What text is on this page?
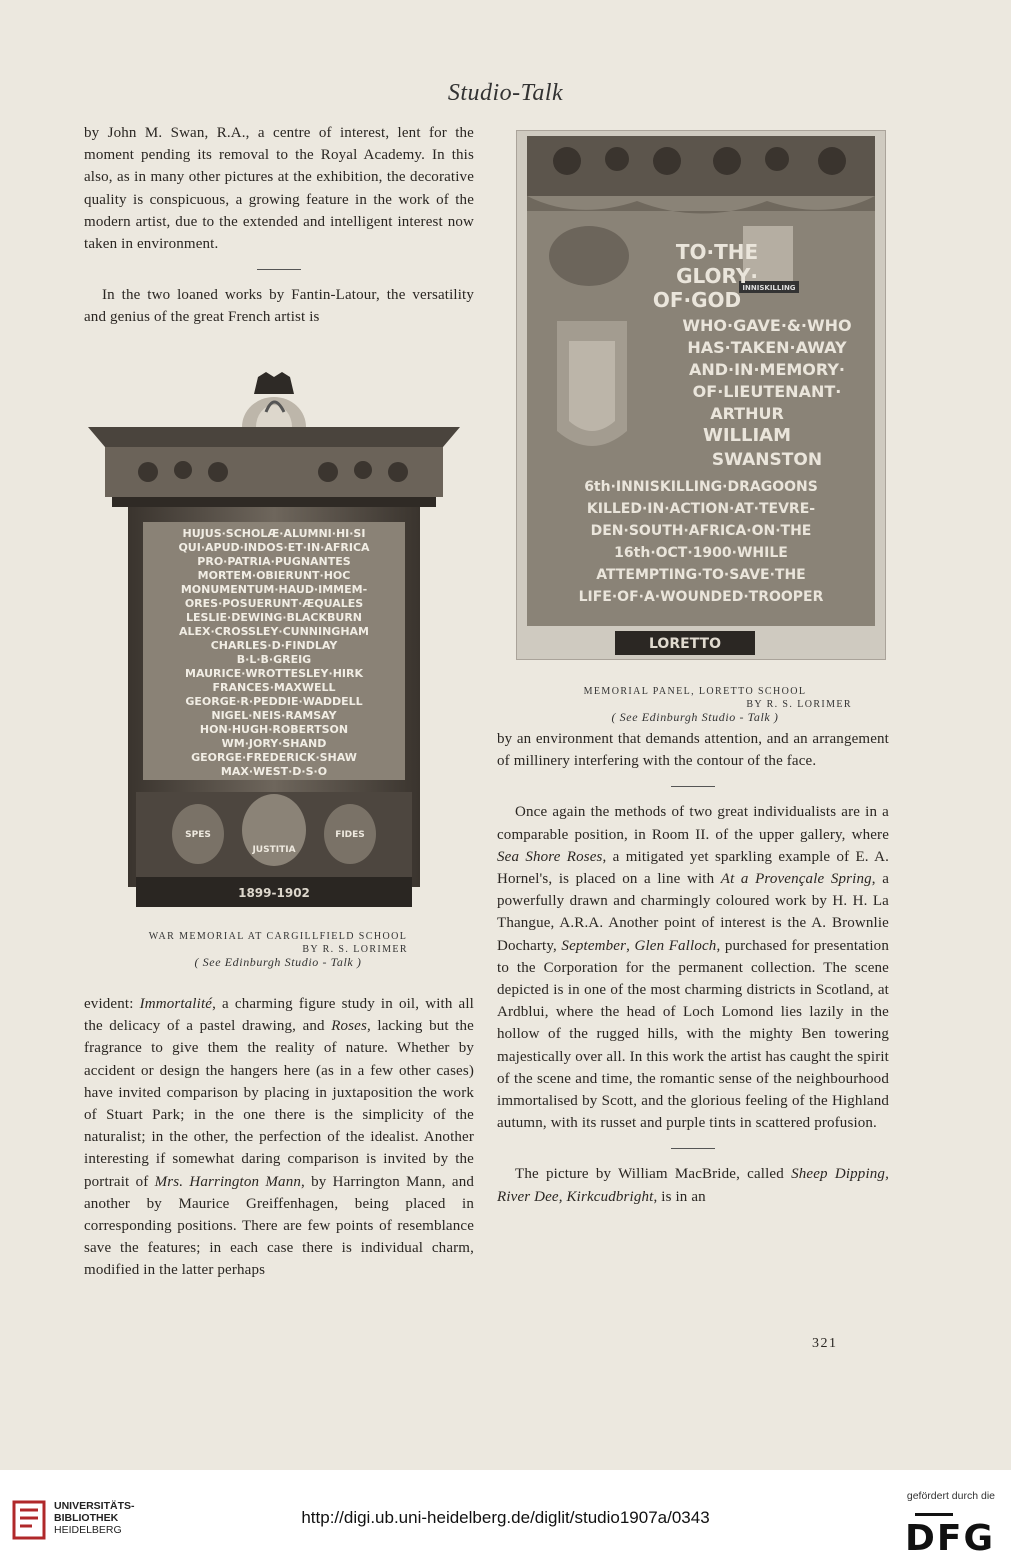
Studio-Talk

by John M. Swan, R.A., a centre of interest, lent for the moment pending its removal to the Royal Academy. In this also, as in many other pictures at the exhibition, the decorative quality is conspicuous, a growing feature in the work of the modern artist, due to the extended and intelligent interest now taken in environment.

In the two loaned works by Fantin-Latour, the versatility and genius of the great French artist is

HUJUS·SCHOLÆ·ALUMNI·HI·SI
QUI·APUD·INDOS·ET·IN·AFRICA
PRO·PATRIA·PUGNANTES
MORTEM·OBIERUNT·HOC
MONUMENTUM·HAUD·IMMEM-
ORES·POSUERUNT·ÆQUALES
LESLIE·DEWING·BLACKBURN
ALEX·CROSSLEY·CUNNINGHAM
CHARLES·D·FINDLAY
B·L·B·GREIG
MAURICE·WROTTESLEY·HIRK
FRANCES·MAXWELL
GEORGE·R·PEDDIE·WADDELL
NIGEL·NEIS·RAMSAY
HON·HUGH·ROBERTSON
WM·JORY·SHAND
GEORGE·FREDERICK·SHAW
MAX·WEST·D·S·O
SPES
JUSTITIA
FIDES
1899-1902
WAR MEMORIAL AT CARGILLFIELD SCHOOL
BY R. S. LORIMER
( See Edinburgh Studio - Talk )

evident: Immortalité, a charming figure study in oil, with all the delicacy of a pastel drawing, and Roses, lacking but the fragrance to give them the reality of nature. Whether by accident or design the hangers here (as in a few other cases) have invited comparison by placing in juxtaposition the work of Stuart Park; in the one there is the simplicity of the naturalist; in the other, the perfection of the idealist. Another interesting if somewhat daring comparison is invited by the portrait of Mrs. Harrington Mann, by Harrington Mann, and another by Maurice Greiffenhagen, being placed in corresponding positions. There are few points of resemblance save the features; in each case there is individual charm, modified in the latter perhaps

INNISKILLING
TO·THE
GLORY·
OF·GOD
WHO·GAVE·&·WHO
HAS·TAKEN·AWAY
AND·IN·MEMORY·
OF·LIEUTENANT·
ARTHUR
WILLIAM
SWANSTON
6th·INNISKILLING·DRAGOONS
KILLED·IN·ACTION·AT·TEVRE-
DEN·SOUTH·AFRICA·ON·THE
16th·OCT·1900·WHILE
ATTEMPTING·TO·SAVE·THE
LIFE·OF·A·WOUNDED·TROOPER
LORETTO
MEMORIAL PANEL, LORETTO SCHOOL
BY R. S. LORIMER
( See Edinburgh Studio - Talk )

by an environment that demands attention, and an arrangement of millinery interfering with the contour of the face.

Once again the methods of two great individualists are in a comparable position, in Room II. of the upper gallery, where Sea Shore Roses, a mitigated yet sparkling example of E. A. Hornel's, is placed on a line with At a Provençale Spring, a powerfully drawn and charmingly coloured work by H. H. La Thangue, A.R.A. Another point of interest is the A. Brownlie Docharty, September, Glen Falloch, purchased for presentation to the Corporation for the permanent collection. The scene depicted is in one of the most charming districts in Scotland, at Ardblui, where the head of Loch Lomond lies lazily in the hollow of the rugged hills, with the mighty Ben towering majestically over all. In this work the artist has caught the spirit of the scene and time, the romantic sense of the neighbourhood immortalised by Scott, and the glorious feeling of the Highland autumn, with its russet and purple tints in scattered profusion.

The picture by William MacBride, called Sheep Dipping, River Dee, Kirkcudbright, is in an

321
UNIVERSITÄTS-
BIBLIOTHEK
HEIDELBERG
http://digi.ub.uni-heidelberg.de/diglit/studio1907a/0343
gefördert durch die
DFG
